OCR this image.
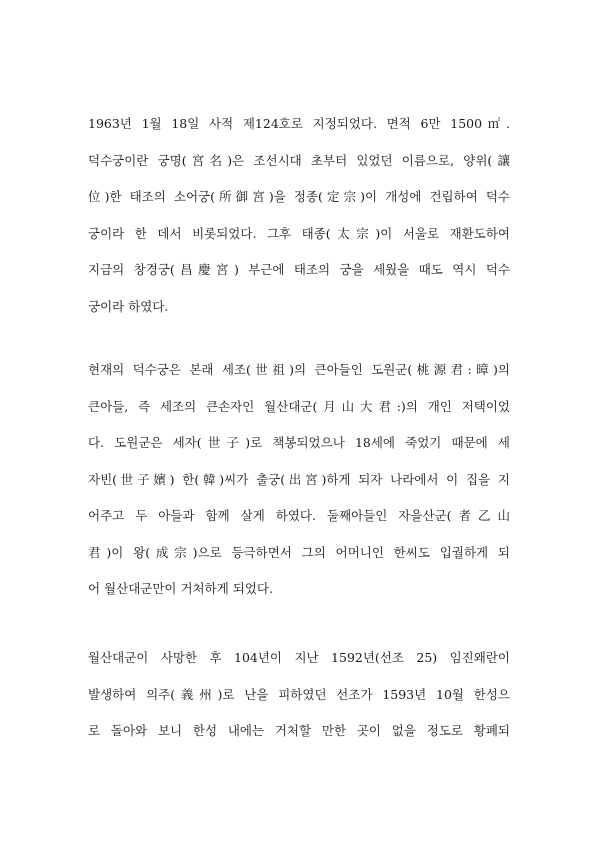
1963년 1월 18일 사적 제124호로 지정되었다. 면적 6만 1500㎡.
덕수궁이란 궁명(宮名)은 조선시대 초부터 있었던 이름으로, 양위(讓
位)한 태조의 소어궁(所御宮)을 정종(定宗)이 개성에 건립하여 덕수
궁이라 한 데서 비롯되었다. 그후 태종(太宗)이 서울로 재환도하여
지금의 창경궁(昌慶宮) 부근에 태조의 궁을 세웠을 때도 역시 덕수
궁이라 하였다.
현재의 덕수궁은 본래 세조(世祖)의 큰아들인 도원군(桃源君:暲)의
큰아들, 즉 세조의 큰손자인 월산대군(月山大君:)의 개인 저택이었
다. 도원군은 세자(世子)로 책봉되었으나 18세에 죽었기 때문에 세
자빈(世子嬪) 한(韓)씨가 출궁(出宮)하게 되자 나라에서 이 집을 지
어주고 두 아들과 함께 살게 하였다. 둘째아들인 자을산군(者乙山
君)이 왕(成宗)으로 등극하면서 그의 어머니인 한씨도 입궐하게 되
어 월산대군만이 거처하게 되었다.
월산대군이 사망한 후 104년이 지난 1592년(선조 25) 임진왜란이
발생하여 의주(義州)로 난을 피하였던 선조가 1593년 10월 한성으
로 돌아와 보니 한성 내에는 거처할 만한 곳이 없을 정도로 황폐되
